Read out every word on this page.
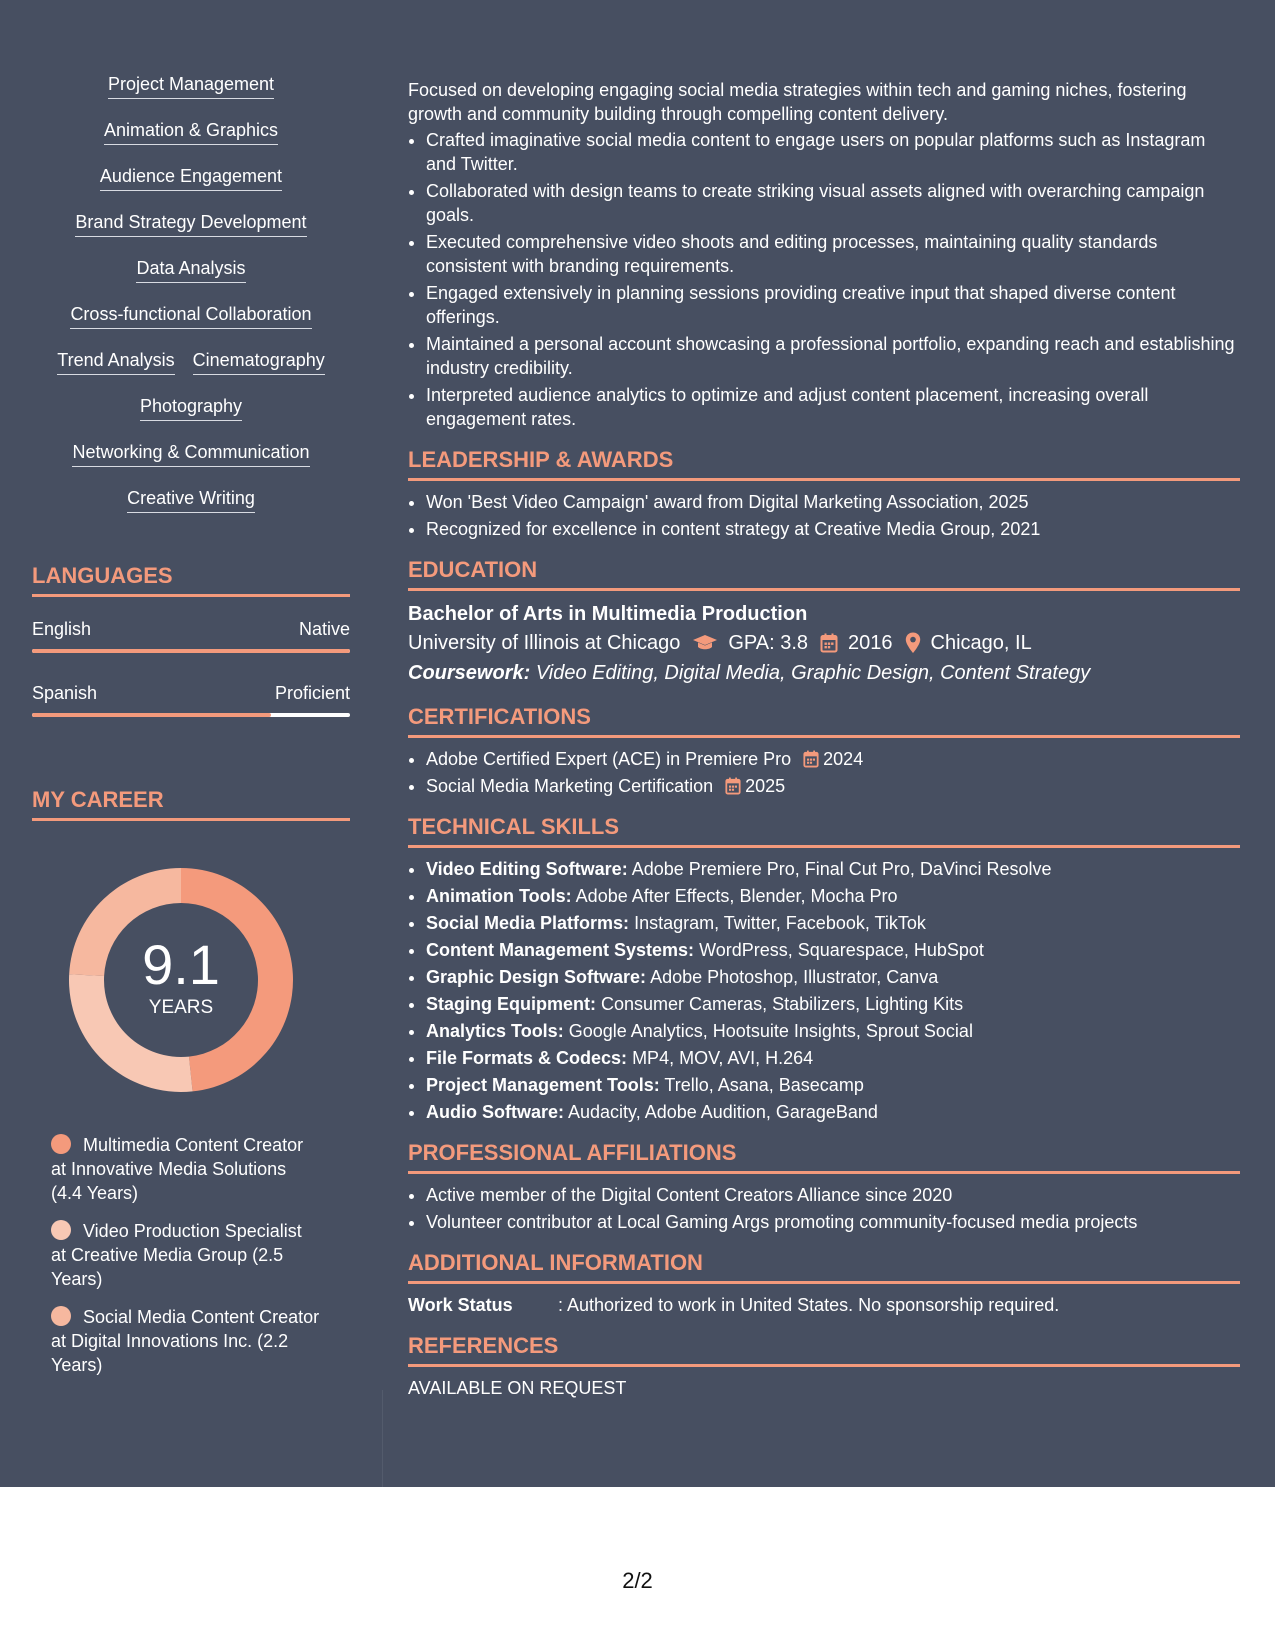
Project Management
Animation & Graphics
Audience Engagement
Brand Strategy Development
Data Analysis
Cross-functional Collaboration
Trend Analysis Cinematography
Photography
Networking & Communication
Creative Writing
LANGUAGES
English	Native
Spanish	Proficient
MY CAREER
9.1
YEARS
Multimedia Content Creator at Innovative Media Solutions (4.4 Years)
Video Production Specialist at Creative Media Group (2.5 Years)
Social Media Content Creator at Digital Innovations Inc. (2.2 Years)
Focused on developing engaging social media strategies within tech and gaming niches, fostering growth and community building through compelling content delivery.
• Crafted imaginative social media content to engage users on popular platforms such as Instagram and Twitter.
• Collaborated with design teams to create striking visual assets aligned with overarching campaign goals.
• Executed comprehensive video shoots and editing processes, maintaining quality standards consistent with branding requirements.
• Engaged extensively in planning sessions providing creative input that shaped diverse content offerings.
• Maintained a personal account showcasing a professional portfolio, expanding reach and establishing industry credibility.
• Interpreted audience analytics to optimize and adjust content placement, increasing overall engagement rates.
LEADERSHIP & AWARDS
• Won 'Best Video Campaign' award from Digital Marketing Association, 2025
• Recognized for excellence in content strategy at Creative Media Group, 2021
EDUCATION
Bachelor of Arts in Multimedia Production
University of Illinois at Chicago GPA: 3.8 2016 Chicago, IL
Coursework: Video Editing, Digital Media, Graphic Design, Content Strategy
CERTIFICATIONS
• Adobe Certified Expert (ACE) in Premiere Pro 2024
• Social Media Marketing Certification 2025
TECHNICAL SKILLS
• Video Editing Software: Adobe Premiere Pro, Final Cut Pro, DaVinci Resolve
• Animation Tools: Adobe After Effects, Blender, Mocha Pro
• Social Media Platforms: Instagram, Twitter, Facebook, TikTok
• Content Management Systems: WordPress, Squarespace, HubSpot
• Graphic Design Software: Adobe Photoshop, Illustrator, Canva
• Staging Equipment: Consumer Cameras, Stabilizers, Lighting Kits
• Analytics Tools: Google Analytics, Hootsuite Insights, Sprout Social
• File Formats & Codecs: MP4, MOV, AVI, H.264
• Project Management Tools: Trello, Asana, Basecamp
• Audio Software: Audacity, Adobe Audition, GarageBand
PROFESSIONAL AFFILIATIONS
• Active member of the Digital Content Creators Alliance since 2020
• Volunteer contributor at Local Gaming Args promoting community-focused media projects
ADDITIONAL INFORMATION
Work Status	: Authorized to work in United States. No sponsorship required.
REFERENCES
AVAILABLE ON REQUEST
2/2
